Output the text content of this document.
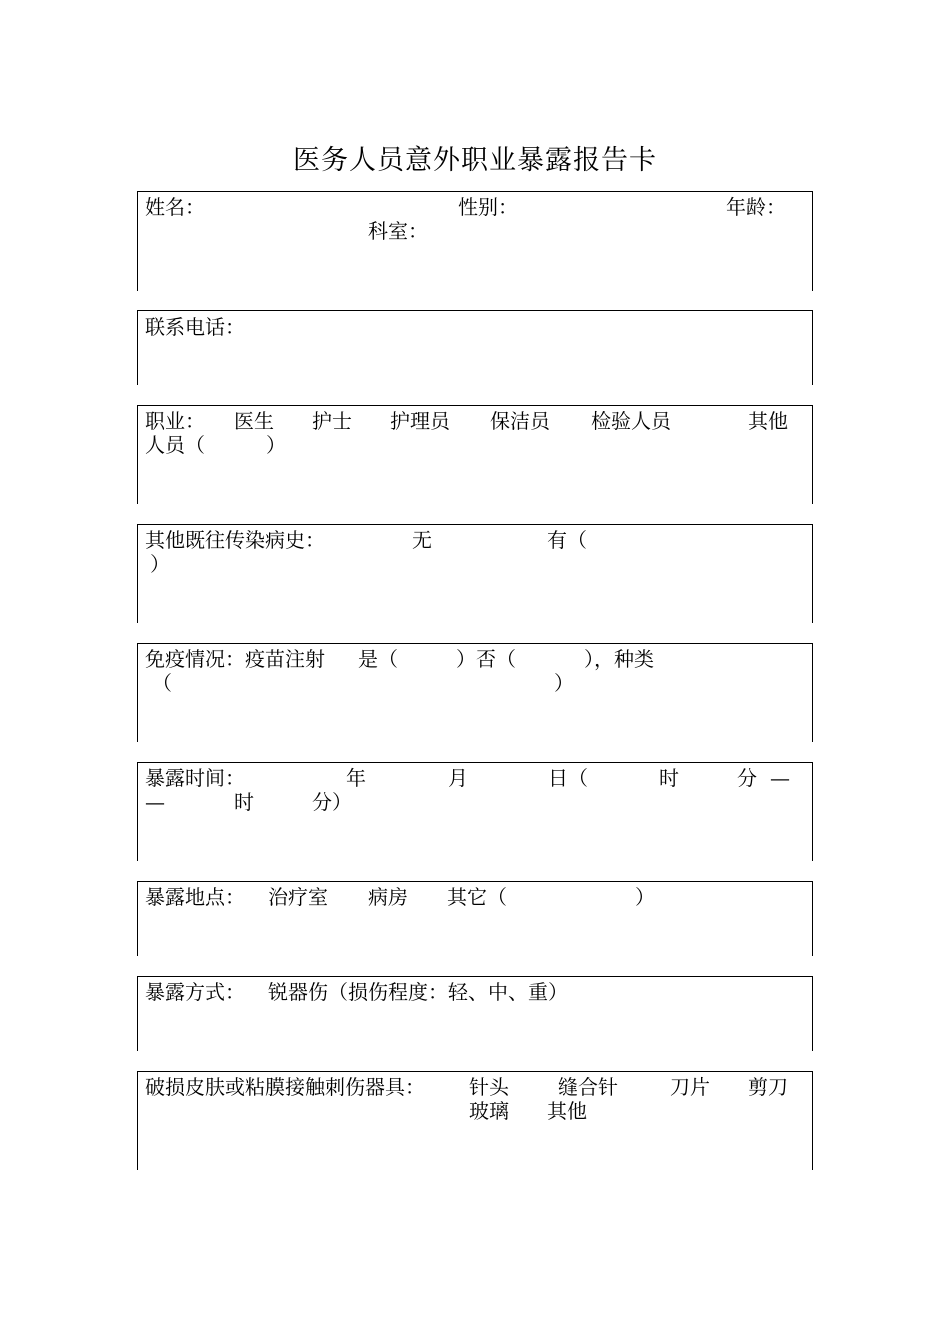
医务人员意外职业暴露报告卡
姓名：	性别：	年龄：
科室：
联系电话：
职业： 医生 护士 护理员 保洁员 检验人员	其他
人员（	）
其他既往传染病史：	无	有（
）
免疫情况：疫苗注射 是（	）否（	），种类
（	）
暴露时间：	年	月	日（	时	分 —
—	时	分）
暴露地点： 治疗室 病房 其它（	）
暴露方式： 锐器伤（损伤程度：轻、中、重）
破损皮肤或粘膜接触刺伤器具： 针头 缝合针	刀片 剪刀
玻璃 其他
